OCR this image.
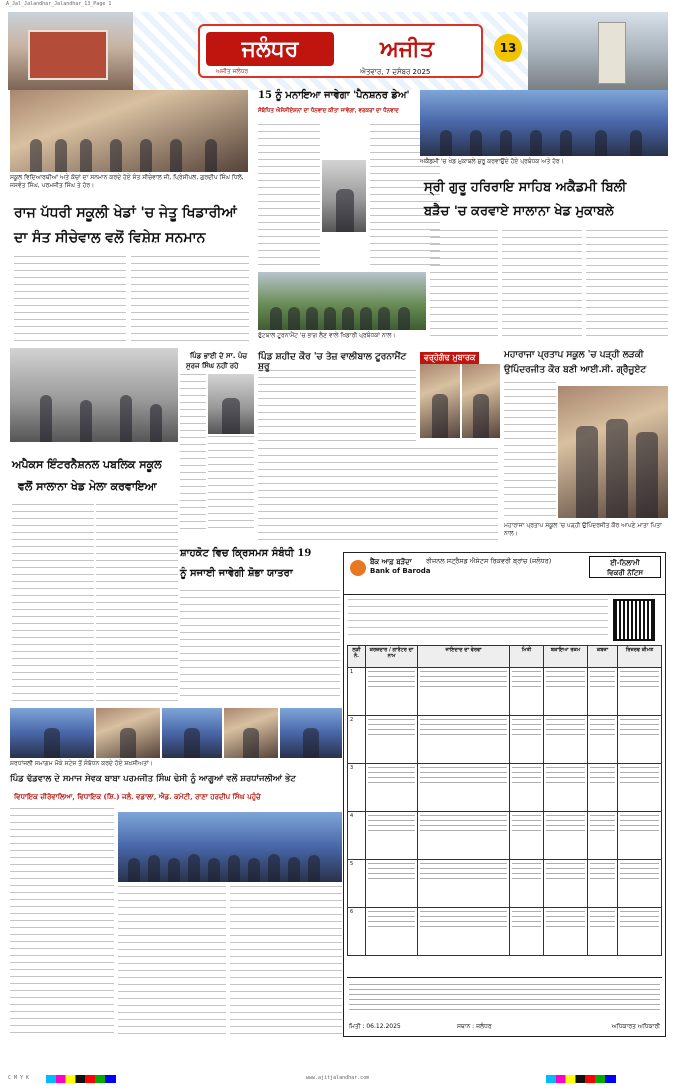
A_Jal_Jalandhar_Jalandhar_13_Page 1
ਜਲੰਧਰ	ਅਜੀਤ
ਅਜੀਤ ਜਲੰਧਰ	ਐਤਵਾਰ, 7 ਦਸੰਬਰ 2025
13
ਸਕੂਲ ਵਿਦਿਆਰਥੀਆਂ ਅਤੇ ਕੋਚਾਂ ਦਾ ਸਨਮਾਨ ਕਰਦੇ ਹੋਏ ਸੰਤ ਸੀਚੇਵਾਲ ਜੀ, ਪ੍ਰਿੰਸੀਪਲ, ਗੁਰਦੀਪ ਸਿੰਘ ਧਿਲੋਂ, ਜਸਵੰਤ ਸਿੰਘ, ਪਰਮਜੀਤ ਸਿੰਘ ਤੇ ਹੋਰ।
ਰਾਜ ਪੱਧਰੀ ਸਕੂਲੀ ਖੇਡਾਂ 'ਚ ਜੇਤੂ ਖਿਡਾਰੀਆਂ
ਦਾ ਸੰਤ ਸੀਚੇਵਾਲ ਵਲੋਂ ਵਿਸ਼ੇਸ਼ ਸਨਮਾਨ
15 ਨੂੰ ਮਨਾਇਆ ਜਾਵੇਗਾ 'ਪੈਨਸ਼ਨਰ ਡੇਅ'
ਸੰਬੰਧਿਤ ਐਸੋਸੀਏਸ਼ਨਾਂ ਦਾ ਧੰਨਵਾਦ ਕੀਤਾ ਜਾਵੇਗਾ, ਵਰਕਰਾਂ ਦਾ ਧੰਨਵਾਦ
ਫੁੱਟਬਾਲ ਟੂਰਨਾਮੈਂਟ 'ਚ ਭਾਗ ਲੈਣ ਵਾਲੇ ਖਿਡਾਰੀ ਪ੍ਰਬੰਧਕਾਂ ਨਾਲ।
ਅਕੈਡਮੀ 'ਚ ਖੇਡ ਮੁਕਾਬਲੇ ਸ਼ੁਰੂ ਕਰਵਾਉਂਦੇ ਹੋਏ ਪ੍ਰਬੰਧਕ ਅਤੇ ਹੋਰ।
ਸ੍ਰੀ ਗੁਰੂ ਹਰਿਰਾਇ ਸਾਹਿਬ ਅਕੈਡਮੀ ਬਿਲੀ
ਬੜੈਚ 'ਚ ਕਰਵਾਏ ਸਾਲਾਨਾ ਖੇਡ ਮੁਕਾਬਲੇ
ਪਿੰਡ ਭਾਈ ਦੇ ਸਾ. ਪੰਚ
ਸੁਰਜ ਸਿੰਘ ਨਹੀਂ ਰਹੇ
ਪਿੰਡ ਸ਼ਹੀਦ ਕੌਰ 'ਚ ਤੇਜ਼ ਵਾਲੀਬਾਲ ਟੂਰਨਾਮੈਂਟ ਸ਼ੁਰੂ
ਵਰ੍ਹੇਗੰਢ ਮੁਬਾਰਕ	ਮਹਾਰਾਜਾ ਪ੍ਰਤਾਪ ਸਕੂਲ 'ਚ ਪੜ੍ਹੀ ਲੜਕੀ
ਉਪਿੰਦਰਜੀਤ ਕੌਰ ਬਣੀ ਆਈ.ਸੀ. ਗ੍ਰੈਜੂਏਟ
ਮਹਾਰਾਜਾ ਪ੍ਰਤਾਪ ਸਕੂਲ 'ਚ ਪੜ੍ਹੀ ਉਪਿੰਦਰਜੀਤ ਕੌਰ ਆਪਣੇ ਮਾਤਾ ਪਿਤਾ ਨਾਲ।
ਅਪੈਕਸ ਇੰਟਰਨੈਸ਼ਨਲ ਪਬਲਿਕ ਸਕੂਲ
ਵਲੋਂ ਸਾਲਾਨਾ ਖੇਡ ਮੇਲਾ ਕਰਵਾਇਆ
ਸ਼ਾਹਕੋਟ ਵਿਚ ਕ੍ਰਿਸਮਸ ਸੰਬੰਧੀ 19
ਨੂੰ ਸਜਾਈ ਜਾਵੇਗੀ ਸ਼ੋਭਾ ਯਾਤਰਾ
ਸ਼ਰਧਾਂਜਲੀ ਸਮਾਗਮ ਮੌਕੇ ਸਟੇਜ ਤੋਂ ਸੰਬੋਧਨ ਕਰਦੇ ਹੋਏ ਸ਼ਖ਼ਸੀਅਤਾਂ।
ਪਿੰਡ ਢੱਡਵਾਲ ਦੇ ਸਮਾਜ ਸੇਵਕ ਬਾਬਾ ਪਰਮਜੀਤ ਸਿੰਘ ਢੇਸੀ ਨੂੰ ਆਗੂਆਂ ਵਲੋਂ ਸ਼ਰਧਾਂਜਲੀਆਂ ਭੇਟ
ਵਿਧਾਇਕ ਜ਼ੀਰੋਵਾਲਿਆ, ਵਿਧਾਇਕ (ਸ਼ਿ.) ਜਲੰ. ਵਡਾਲਾ, ਐਡ. ਕਮੇਟੀ, ਰਾਣਾ ਹਰਦੀਪ ਸਿੰਘ ਪਹੁੰਚੇ
ਬੈਂਕ ਆਫ਼ ਬੜੌਦਾ
Bank of Baroda
ਰੀਜਨਲ ਸਟ੍ਰੈਸਡ ਐਸੇਟਸ ਰਿਕਵਰੀ ਬ੍ਰਾਂਚ (ਜਲੰਧਰ)	ਈ-ਨਿਲਾਮੀ
ਵਿਕਰੀ ਨੋਟਿਸ
ਲੜੀ ਨੰ.	ਕਰਜ਼ਦਾਰ / ਗਾਰੰਟਰ ਦਾ ਨਾਮ	ਜਾਇਦਾਦ ਦਾ ਵੇਰਵਾ	ਮਿਤੀ	ਬਕਾਇਆ ਰਕਮ	ਕਬਜ਼ਾ	ਰਿਜ਼ਰਵ ਕੀਮਤ
1	

2	

3	

4	

5	

6	

ਮਿਤੀ : 06.12.2025	ਸਥਾਨ : ਜਲੰਧਰ	ਅਧਿਕਾਰਤ ਅਧਿਕਾਰੀ
C M Y K	www.ajitjalandhar.com
